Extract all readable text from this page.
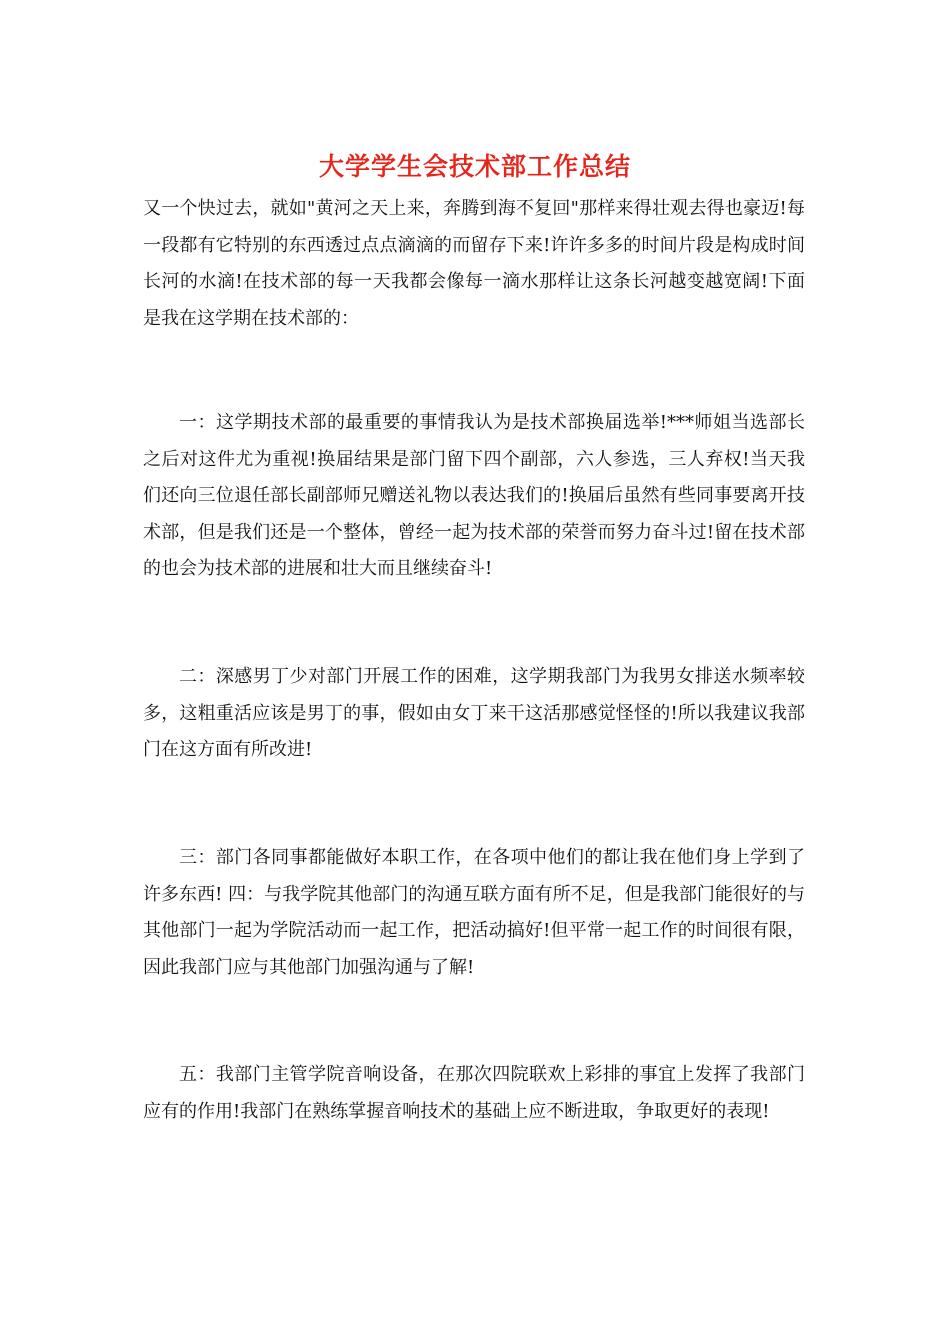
大学学生会技术部工作总结

又一个快过去，就如"黄河之天上来，奔腾到海不复回"那样来得壮观去得也豪迈!每一段都有它特别的东西透过点点滴滴的而留存下来!许许多多的时间片段是构成时间长河的水滴!在技术部的每一天我都会像每一滴水那样让这条长河越变越宽阔!下面是我在这学期在技术部的：

一：这学期技术部的最重要的事情我认为是技术部换届选举!***师姐当选部长之后对这件尤为重视!换届结果是部门留下四个副部，六人参选，三人弃权!当天我们还向三位退任部长副部师兄赠送礼物以表达我们的!换届后虽然有些同事要离开技术部，但是我们还是一个整体，曾经一起为技术部的荣誉而努力奋斗过!留在技术部的也会为技术部的进展和壮大而且继续奋斗!

二：深感男丁少对部门开展工作的困难，这学期我部门为我男女排送水频率较多，这粗重活应该是男丁的事，假如由女丁来干这活那感觉怪怪的!所以我建议我部门在这方面有所改进!

三：部门各同事都能做好本职工作，在各项中他们的都让我在他们身上学到了许多东西! 四：与我学院其他部门的沟通互联方面有所不足，但是我部门能很好的与其他部门一起为学院活动而一起工作，把活动搞好!但平常一起工作的时间很有限，因此我部门应与其他部门加强沟通与了解!

五：我部门主管学院音响设备，在那次四院联欢上彩排的事宜上发挥了我部门应有的作用!我部门在熟练掌握音响技术的基础上应不断进取，争取更好的表现!
